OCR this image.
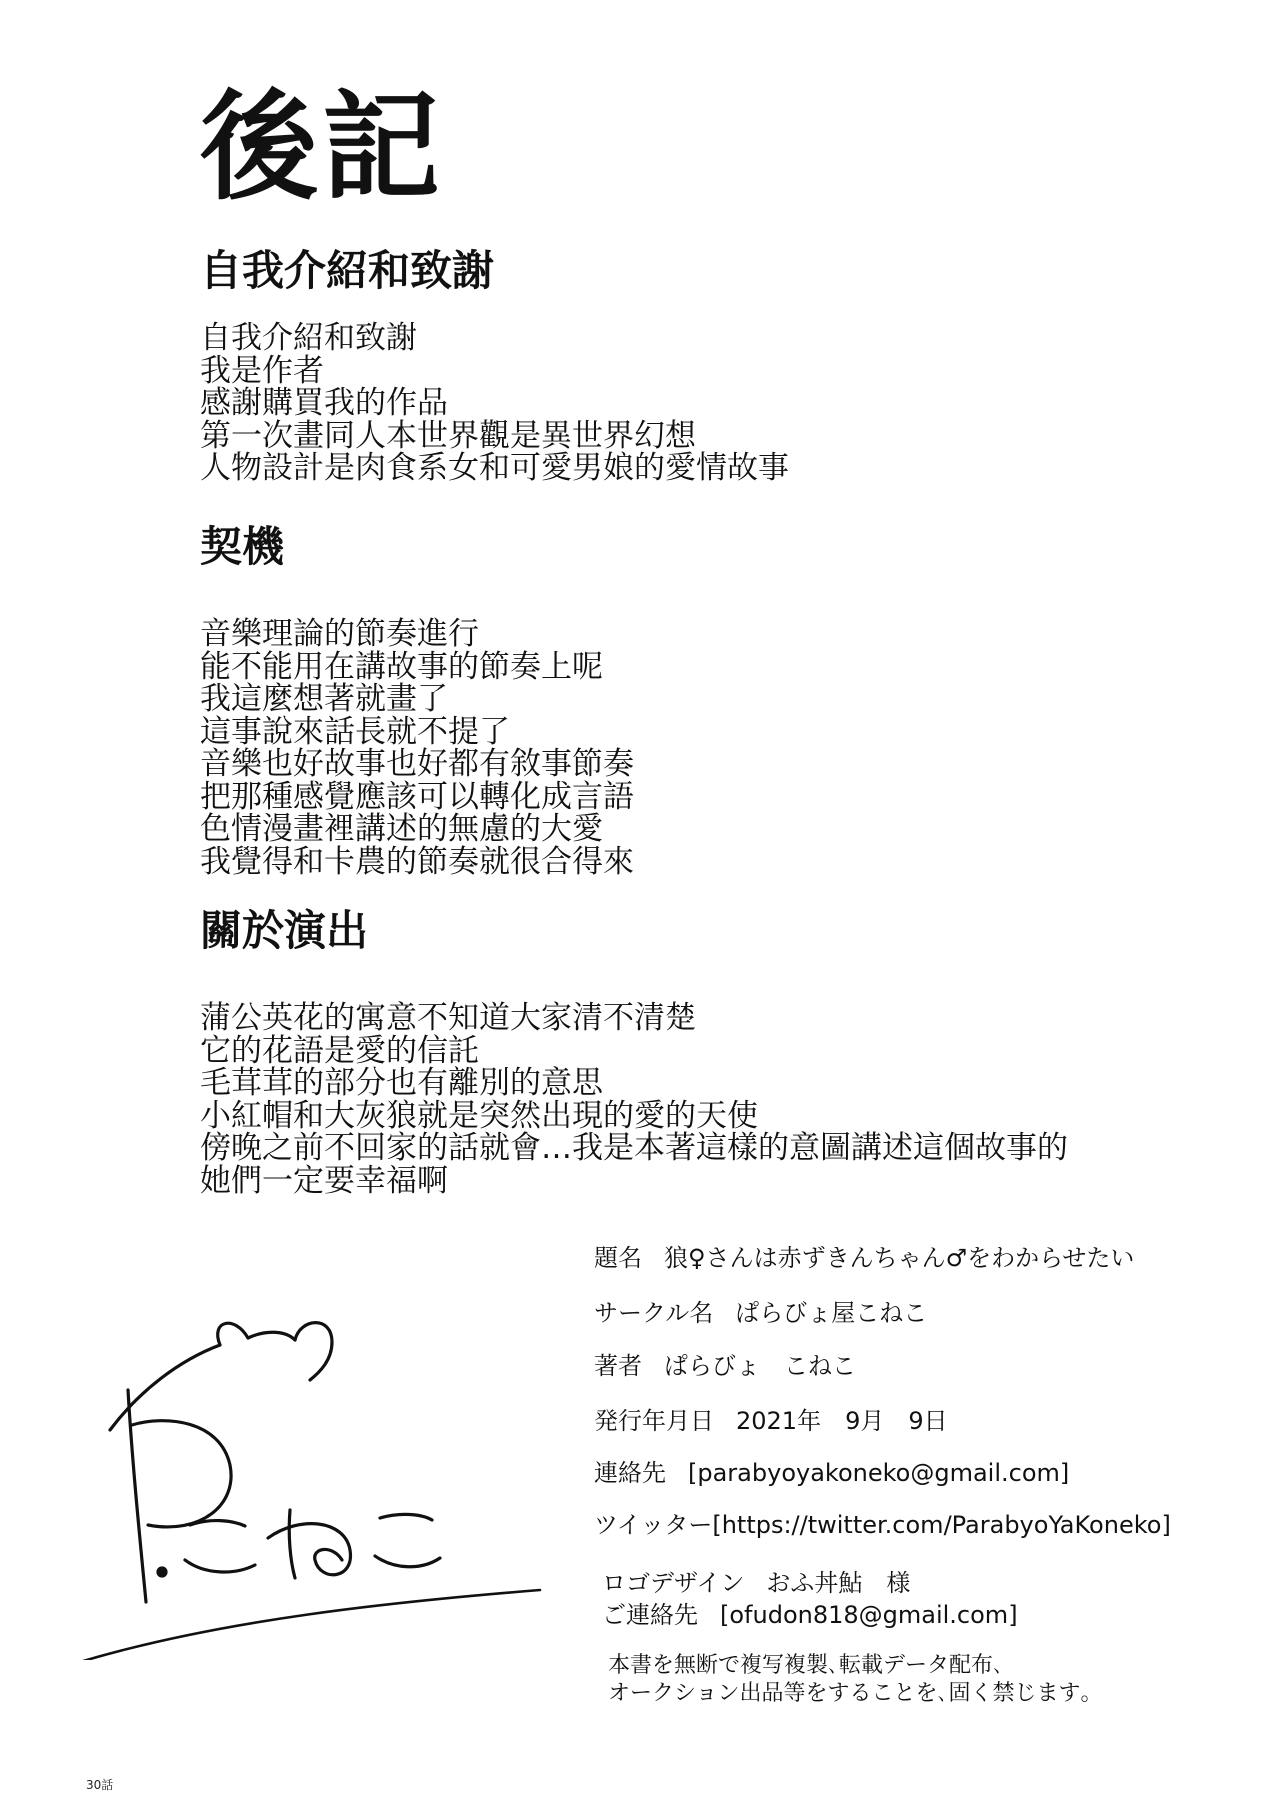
後記
自我介紹和致謝
自我介紹和致謝
我是作者
感謝購買我的作品
第一次畫同人本世界觀是異世界幻想
人物設計是肉食系女和可愛男娘的愛情故事
契機
音樂理論的節奏進行
能不能用在講故事的節奏上呢
我這麼想著就畫了
這事說來話長就不提了
音樂也好故事也好都有敘事節奏
把那種感覺應該可以轉化成言語
色情漫畫裡講述的無慮的大愛
我覺得和卡農的節奏就很合得來
關於演出
蒲公英花的寓意不知道大家清不清楚
它的花語是愛的信託
毛茸茸的部分也有離別的意思
小紅帽和大灰狼就是突然出現的愛的天使
傍晚之前不回家的話就會…我是本著這樣的意圖講述這個故事的
她們一定要幸福啊
題名 狼♀さんは赤ずきんちゃん♂をわからせたい
サークル名 ぱらびょ屋こねこ
著者 ぱらびょ　こねこ
発行年月日 2021年　9月　9日
連絡先 [parabyoyakoneko@gmail.com]
ツイッター[https://twitter.com/ParabyoYaKoneko]
ロゴデザイン おふ丼鮎　様
ご連絡先 [ofudon818@gmail.com]
本書を無断で複写複製､転載データ配布､
オークション出品等をすることを､固く禁じます｡
30話
